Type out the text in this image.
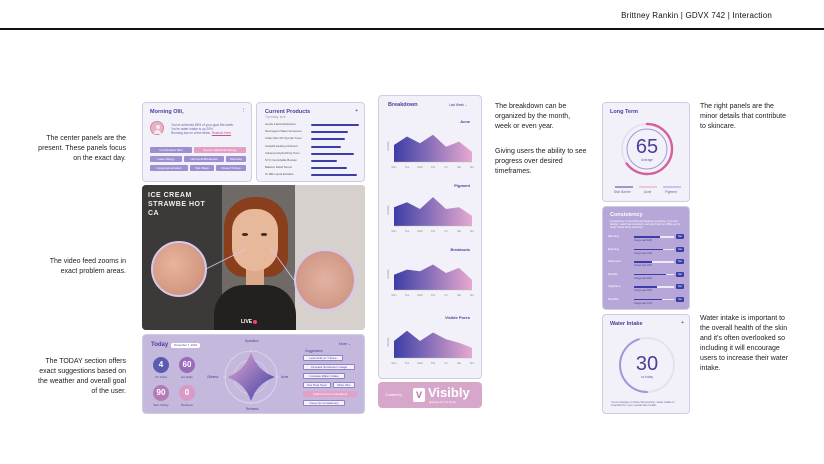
Brittney Rankin | GDVX 742 | Interaction
The center panels are the present. These panels focus on the exact day.
The video feed zooms in exact problem areas.
The TODAY section offers exact suggestions based on the weather and overall goal of the user.
The breakdown can be organized by the month, week or even year.
Giving users the ability to see progress over desired timeframes.
The right panels are the minor details that contribute to skincare.
Water intake is important to the overall health of the skin and it's often overlooked so including it will encourage users to increase their water intake.
Morning Olli,	⋮
You've achieved 65% of your goal this week.
You're water intake is up 20%.
Running low on a few items. Restock Here
Combination Skin	Severe Ultraviolet Allergy
Latex Allergy	Hormonal Breakouts	Flaccidity
Hyperpigmentation	Skin Bags	Closed T-Zone
Current Products	+
Try today, love
Gentle Facial Moisturizer
Neutrogena Water Sunscreen
Urban Skin RX Glycolic Toner
Cetaphil Healing Ointment
Advanced Hydrolizing Toner
NYC Nourishable Booster
Balance Relief Serum
3x Milk Liquid Exfoliant
ICE CREAM STRAWBE HOT CA
LIVE
Today	November 7, 2022	More ⌄
4
UV Index
60
Humidity
90
Skin Clarity
0
Redness
Hydration
Acne
Redness
Oiliness
Suggestions
Less Acid on T-Zone
Increase Sunscreen Usage
Increase Water Intake
Use Peel Soon	More Zinc
Visible Pores on Breakout
Keep Up Consistency
Breakdown	Last Week ⌄
Acne
Severity
Mon	Tue	Wed	Thu	Fri	Sat	Sun
Pigment
Severity
Mon	Tue	Wed	Thu	Fri	Sat	Sun
Breakouts
Severity
Mon	Tue	Wed	Thu	Fri	Sat	Sun
Visible Pores
Severity
Mon	Tue	Wed	Thu	Fri	Sat	Sun
Created by	V Visibly
skincare for the future
Long Term
65
Average
Skin Barrier	Acne	Pigment
Consistency
Consistency is important and tracking everything. If you fall behind - reach the consistent, and start back up. While you're ready "Keep doing amazing".
Morning	Set
Usage was 64%
Evening	Set
Usage was 72%
Afternoon	Set
Usage was 45%
Weekly	Set
Usage was 80%
Nighttime	Set
Usage was 58%
Monthly	Set
Usage was 70%
Water Intake	+
30
oz today
You're already on three! Remember, water intake is important for your overall skin health.
